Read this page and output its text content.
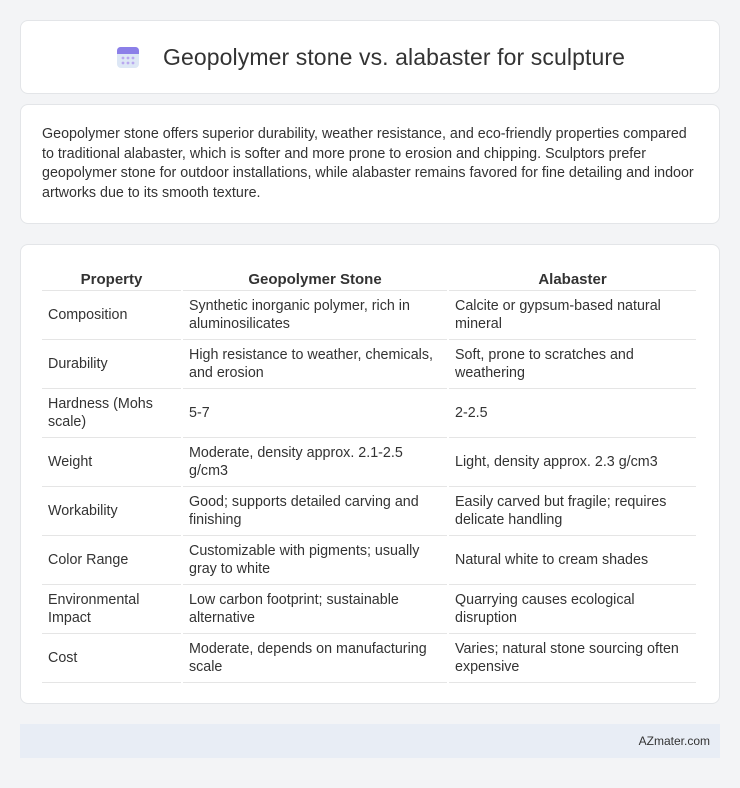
Geopolymer stone vs. alabaster for sculpture

Geopolymer stone offers superior durability, weather resistance, and eco-friendly properties compared to traditional alabaster, which is softer and more prone to erosion and chipping. Sculptors prefer geopolymer stone for outdoor installations, while alabaster remains favored for fine detailing and indoor artworks due to its smooth texture.

Property	Geopolymer Stone	Alabaster
Composition	Synthetic inorganic polymer, rich in aluminosilicates	Calcite or gypsum-based natural mineral
Durability	High resistance to weather, chemicals, and erosion	Soft, prone to scratches and weathering
Hardness (Mohs scale)	5-7	2-2.5
Weight	Moderate, density approx. 2.1-2.5 g/cm3	Light, density approx. 2.3 g/cm3
Workability	Good; supports detailed carving and finishing	Easily carved but fragile; requires delicate handling
Color Range	Customizable with pigments; usually gray to white	Natural white to cream shades
Environmental Impact	Low carbon footprint; sustainable alternative	Quarrying causes ecological disruption
Cost	Moderate, depends on manufacturing scale	Varies; natural stone sourcing often expensive
AZmater.com
